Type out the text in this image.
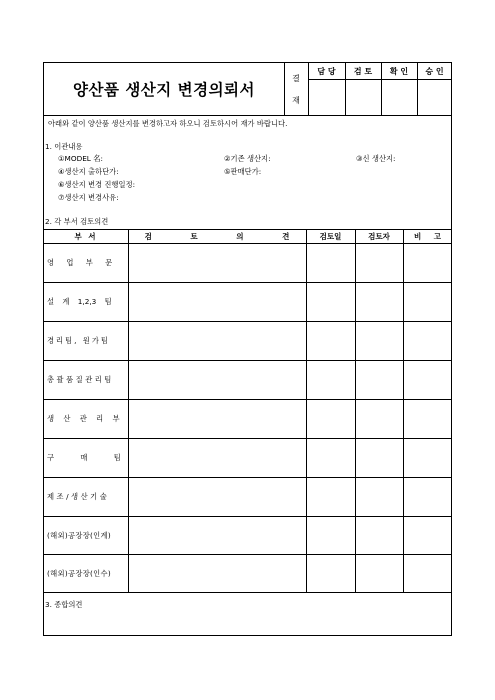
양산품 생산지 변경의뢰서
결
재
담 당	검 토	확 인	승 인
아래와 같이 양산품 생산지를 변경하고자 하오니 검토하시어 재가 바랍니다.
1. 이관내용
①MODEL 名:	②기존 생산지:	③신 생산지:
④생산지 출하단가:	⑤판매단가:
⑥생산지 변경 진행일정:
⑦생산지 변경사유:
2. 각 부서 검토의견
부 서	검 토 의 견	검토일	검토자	비 고
영 업 부 문
설 계 1,2,3 팀
경리팀, 원가팀
총괄품질관리팀
생 산 관 리 부
구 매 팀
제조/생산기술
(해외)공장장(인계)
(해외)공장장(인수)
3. 종합의견
